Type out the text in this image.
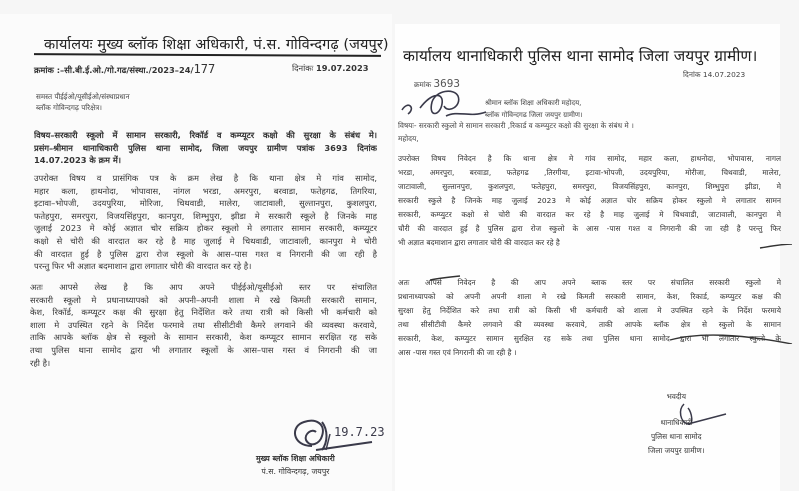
कार्यालयः मुख्य ब्लॉक शिक्षा अधिकारी, पं.स. गोविन्दगढ़ (जयपुर)
क्रमांक :–सी.बी.ई.ओ./गो.गढ/संस्था./2023–24/177	दिनांकः 19.07.2023
समस्त पीईईओ/यूसीईओ/संस्थाप्रधान
ब्लॉक गोविन्दगढ़ परिक्षेत्र।
विषय–सरकारी स्कूलो में सामान सरकारी, रिकॉर्ड व कम्प्यूटर कक्षो की सुरक्षा के संबंध मे।
प्रसंग–श्रीमान थानाधिकारी पुलिस थाना सामोद, जिला जयपुर ग्रामीण पत्रांक 3693 दिनांक
14.07.2023 के क्रम में।
उपरोक्त विषय व प्रासंगिक पत्र के क्रम लेख है कि थाना क्षेत्र मे गांव सामोद,
महार कला, हाथनोदा, भोपावास, नांगल भरडा, अमरपुरा, बरवाडा, फतेहगढ, तिगरिया,
इटावा–भोपजी, उदयपुरिया, मोरिजा, चिथवाडी, मालेरा, जाटावाली, सुल्तानपुरा, कुशलपुरा,
फतेहपुरा, समरपुरा, विजयसिंहपुरा, कानपुरा, शिम्भुपुरा, झीडा मे सरकारी स्कूले है जिनके माह
जुलाई 2023 मे कोई अज्ञात चोर सक्रिय होकर स्कूलो मे लगातार सामान सरकारी, कम्प्यूटर
कक्षो से चोरी की वारदात कर रहे है माह जुलाई मे चिथवाडी, जाटावाली, कानपुरा मे चोरी
की वारदात हुई है पुलिस द्वारा रोज स्कूलो के आस–पास गश्त व निगरानी की जा रही है
परन्तु फिर भी अज्ञात बदमाशान द्वारा लगातार चोरी की वारदात कर रहे है।
अतः आपसे लेख है कि आप अपने पीईईओ/यूसीईओ स्तर पर संचालित
सरकारी स्कूलो मे प्रधानाध्यापको को अपनी–अपनी शाला मे रखे किमती सरकारी सामान,
केश, रिकॉर्ड, कम्प्यूटर कक्ष की सुरक्षा हेतु निर्देशित करे तथा रात्री को किसी भी कर्मचारी को
शाला मे उपस्थित रहने के निर्देश फरमावे तथा सीसीटीवी कैमरे लगवाने की व्यवस्था करवाये,
ताकि आपके ब्लॉक क्षेत्र से स्कूलो के सामान सरकारी, केश कम्प्यूटर सामान सरक्षित रह सके
तथा पुलिस थाना सामोद द्वारा भी लगातार स्कूलों के आस–पास गस्त वं निगरानी की जा
रही है।
19.7.23
मुख्य ब्लॉक शिक्षा अधिकारी
पं.स. गोविन्दगढ़, जयपुर
कार्यालय थानाधिकारी पुलिस थाना सामोद जिला जयपुर ग्रामीण।
दिनांक 14.07.2023
क्रमांक 3693
श्रीमान ब्लॉक शिक्षा अधिकारी महोदय,
ब्लॉक गोविन्दगढ जिला जयपुर ग्रामीण।
विषयः- सरकारी स्कुलो मे सामान सरकारी ,रिकार्ड व कम्प्युटर कक्षो की सुरक्षा के संबंध मे ।
महोदय,
उपरोक्त विषय निवेदन है कि थाना क्षेत्र मे गांव सामोद, महार कला, हाथनोदा, भोपावास, नागल
भरडा, अमरपुरा, बरवाडा, फतेहगढ ,तिरगीया, इटावा-भोपजी, उदयपुरिया, मोरीजा, चिथवाडी, मालेरा,
जाटावाली, सुल्तानपुरा, कुशलपुरा, फतेहपुरा, समरपुरा, विजयसिंहपुरा, कानपुरा, शिम्भुपुरा झीडा, मे
सरकारी स्कुले है जिनके माह जुलाई 2023 मे कोई अज्ञात चोर सक्रिय होकर स्कुलो मे लगातार सामन
सरकारी, कम्प्युटर कक्षो से चोरी की वारदात कर रहे है माह जुलाई मे चिथवाडी, जाटावाली, कानपुरा मे
चौरी की वारदात हुई है पुलिस द्वारा रोज स्कुलो के आस -पास गश्त व निगरानी की जा रही है परन्तु फिर
भी अज्ञात बदमाशान द्वारा लगातार चोरी की वारदात कर रहे है
अतः आपसे निवेदन है की आप अपने ब्लाक स्तर पर संचालित सरकारी स्कुलो मे
प्रधानाध्यापको को अपनी अपनी शाला मे रखे किमती सरकारी सामान, केश, रिकार्ड, कम्प्युटर कक्ष की
सुरक्षा हेतु निर्देशित करे तथा रात्री को किसी भी कर्मचारी को शाला मे उपस्थित रहने के निर्देश फरमाये
तथा सीसीटीवी कैमरे लगवाने की व्यवस्था करवाये, ताकी आपके ब्लॉक क्षेत्र से स्कुलो के सामान
सरकारी, केश, कम्प्युटर सामान सुरक्षित रह सके तथा पुलिस थाना सामोद द्वारा भी लगातार स्कुलो के
आस -पास गस्त एवं निगरानी की जा रही है ।
भवदीय
थानाधिकारी
पुलिस थाना सामोद
जिला जयपुर ग्रामीण।
